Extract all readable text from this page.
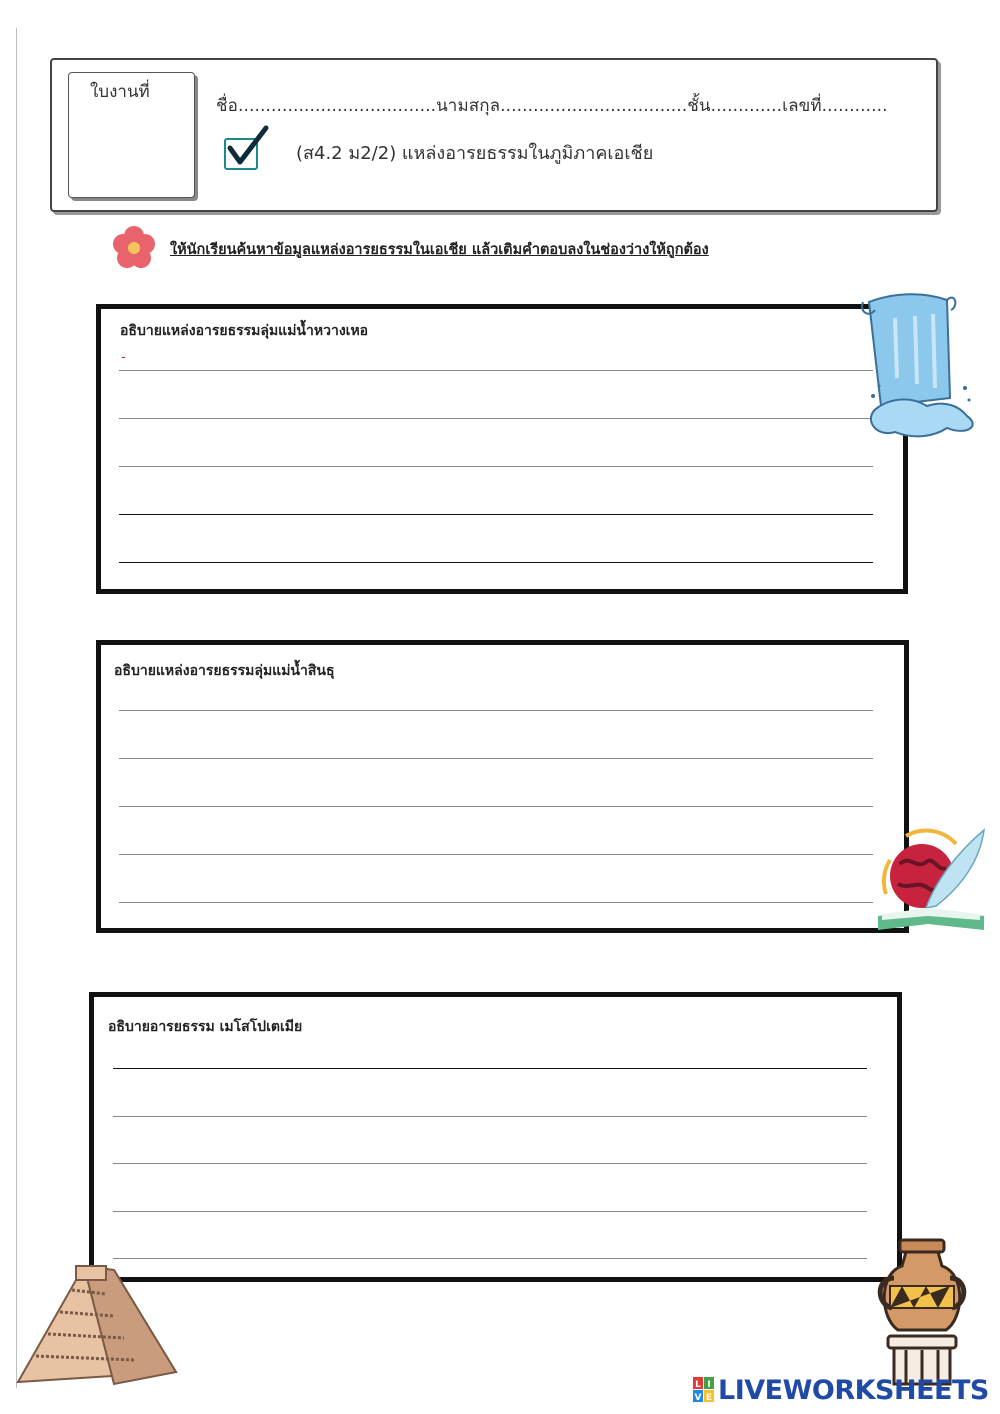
ใบงานที่
ชื่อ....................................นามสกุล..................................ชั้น.............เลขที่............
(ส4.2 ม2/2) แหล่งอารยธรรมในภูมิภาคเอเชีย
ให้นักเรียนค้นหาข้อมูลแหล่งอารยธรรมในเอเชีย แล้วเติมคำตอบลงในช่องว่างให้ถูกต้อง
อธิบายแหล่งอารยธรรมลุ่มแม่น้ำหวางเหอ
-
อธิบายแหล่งอารยธรรมลุ่มแม่น้ำสินธุ
อธิบายอารยธรรม เมโสโปเตเมีย
L I
V E LIVEWORKSHEETS
